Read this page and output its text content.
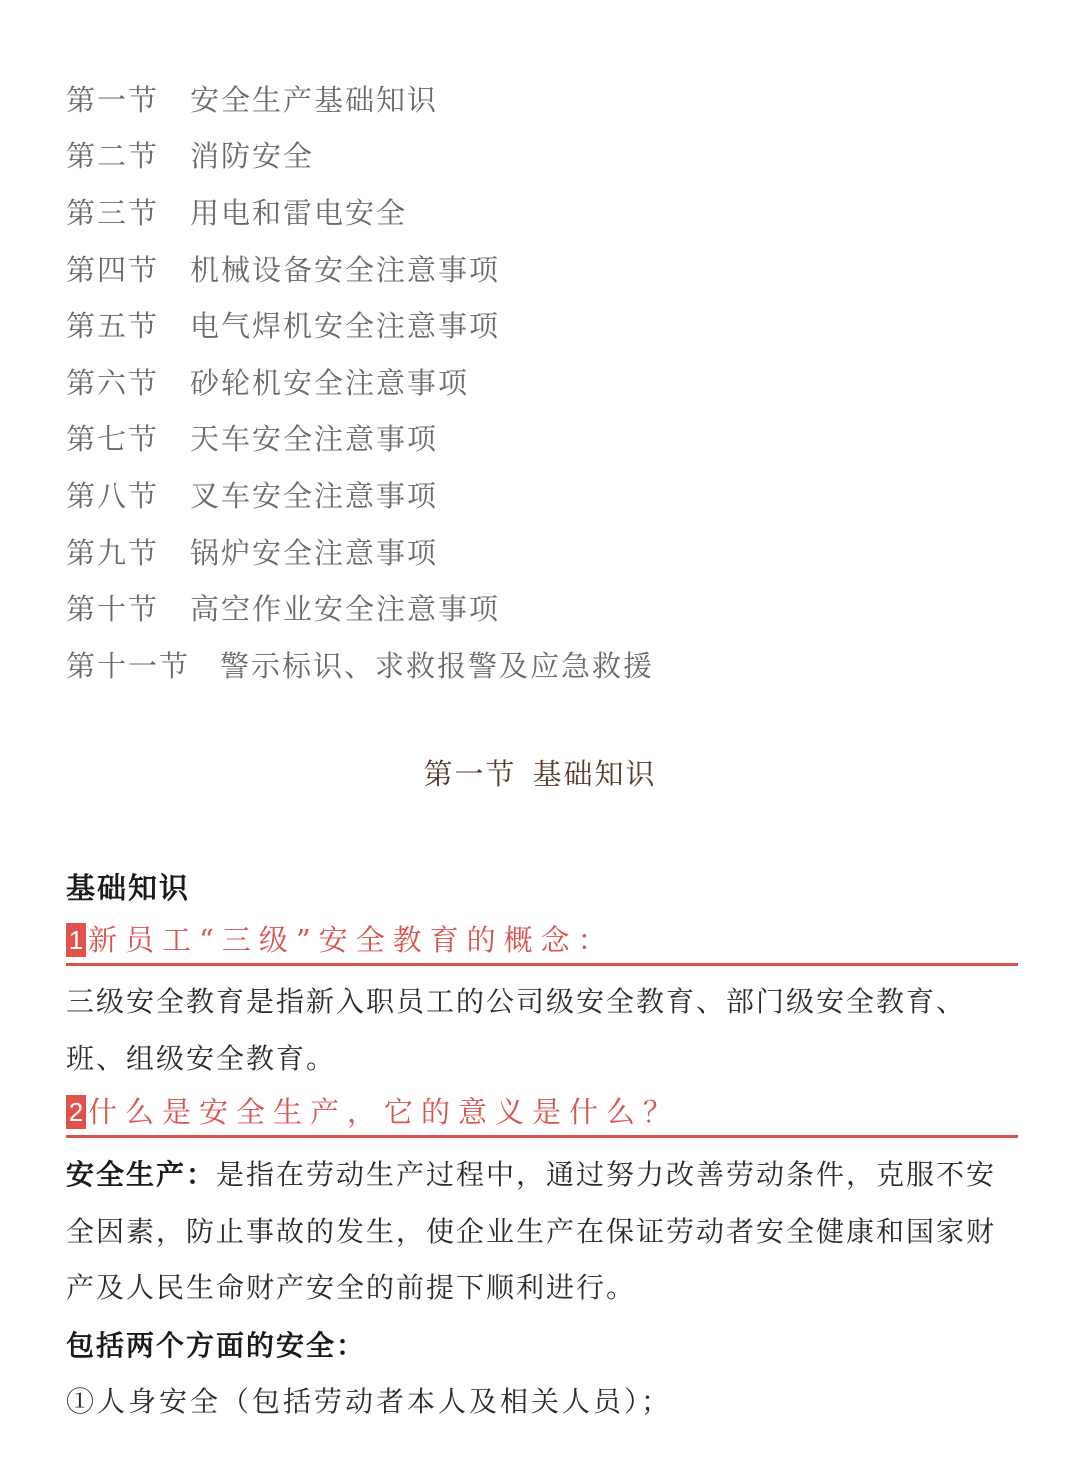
第一节	安全生产基础知识
第二节	消防安全
第三节	用电和雷电安全
第四节	机械设备安全注意事项
第五节	电气焊机安全注意事项
第六节	砂轮机安全注意事项
第七节	天车安全注意事项
第八节	叉车安全注意事项
第九节	锅炉安全注意事项
第十节	高空作业安全注意事项
第十一节	警示标识、求救报警及应急救援
第一节 基础知识
基础知识
1 新员工“三级”安全教育的概念：

三级安全教育是指新入职员工的公司级安全教育、部门级安全教育、班、组级安全教育。

2 什么是安全生产，它的意义是什么？

安全生产：是指在劳动生产过程中，通过努力改善劳动条件，克服不安全因素，防止事故的发生，使企业生产在保证劳动者安全健康和国家财产及人民生命财产安全的前提下顺利进行。

包括两个方面的安全：
①人身安全（包括劳动者本人及相关人员）；
